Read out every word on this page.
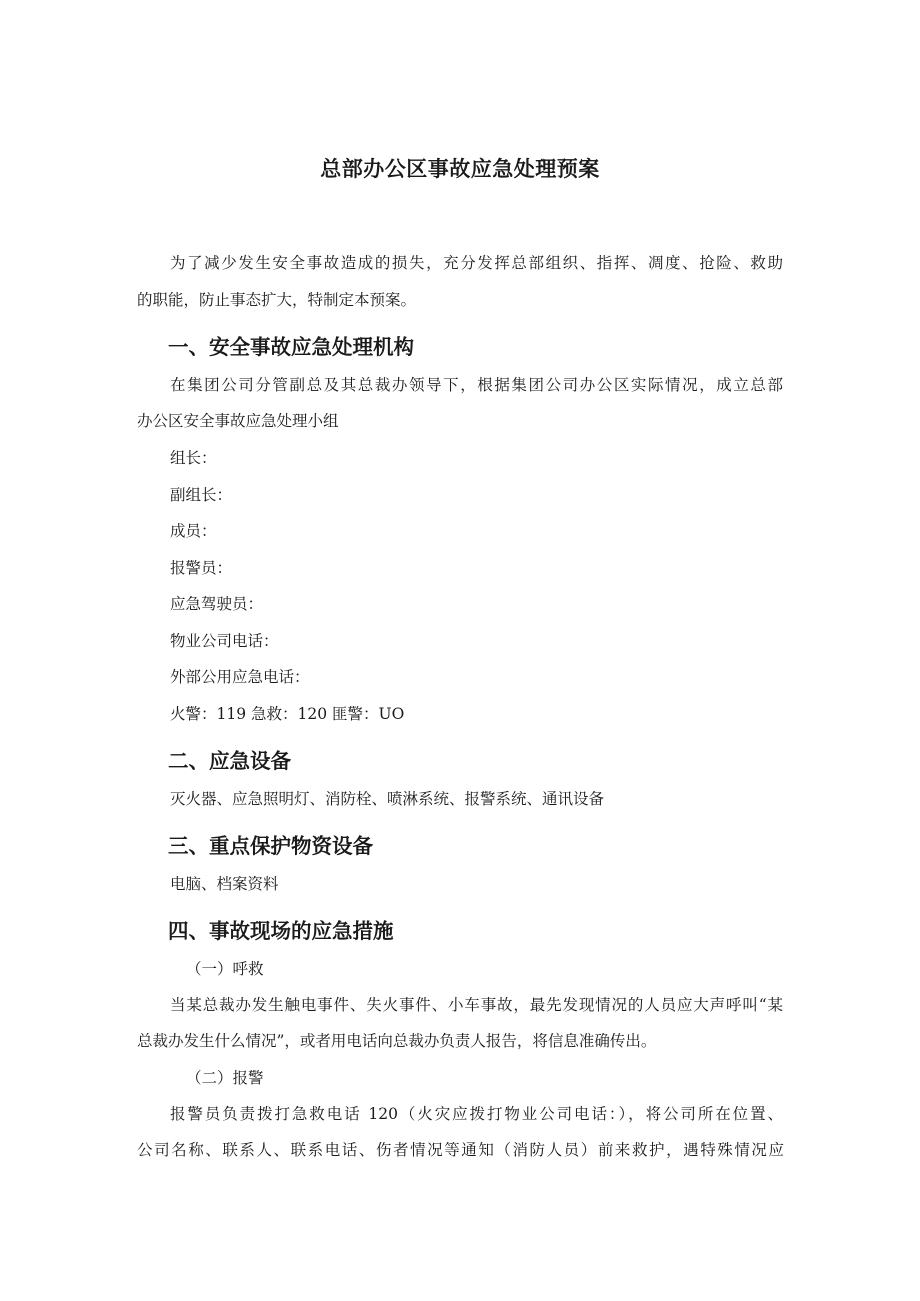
总部办公区事故应急处理预案
为了减少发生安全事故造成的损失，充分发挥总部组织、指挥、凋度、抢险、救助
的职能，防止事态扩大，特制定本预案。
一、安全事故应急处理机构
在集团公司分管副总及其总裁办领导下，根据集团公司办公区实际情况，成立总部
办公区安全事故应急处理小组
组长：
副组长：
成员：
报警员：
应急驾驶员：
物业公司电话：
外部公用应急电话：
火警：119 急救：120 匪警：UO
二、应急设备
灭火器、应急照明灯、消防栓、喷淋系统、报警系统、通讯设备
三、重点保护物资设备
电脑、档案资料
四、事故现场的应急措施
（一）呼救
当某总裁办发生触电事件、失火事件、小车事故，最先发现情况的人员应大声呼叫“某
总裁办发生什么情况”，或者用电话向总裁办负责人报告，将信息准确传出。
（二）报警
报警员负责拨打急救电话 120（火灾应拨打物业公司电话：），将公司所在位置、
公司名称、联系人、联系电话、伤者情况等通知（消防人员）前来救护，遇特殊情况应
